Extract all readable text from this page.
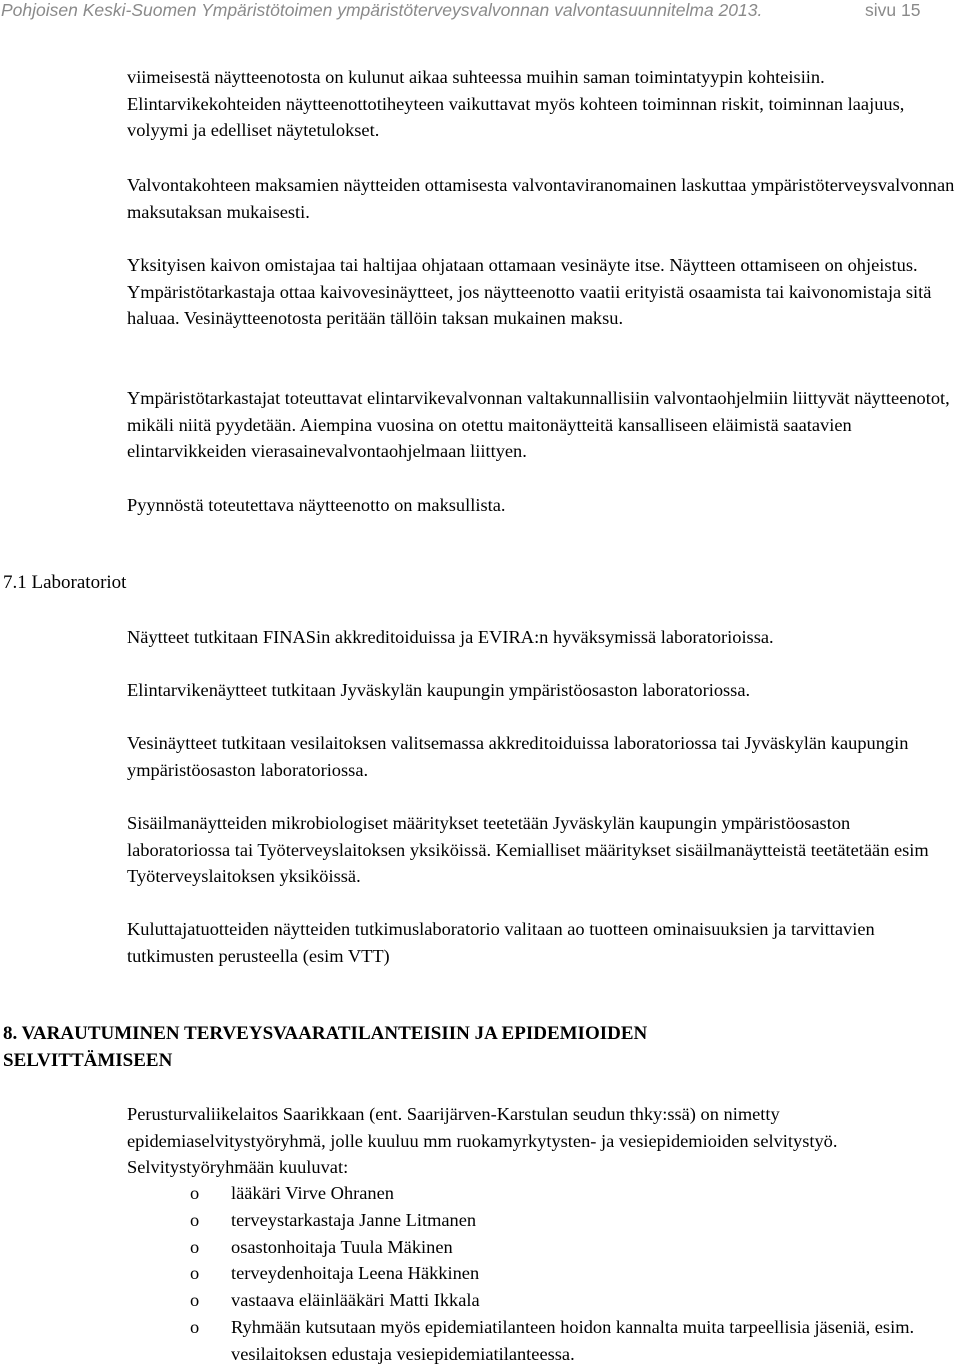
Pohjoisen Keski-Suomen Ympäristötoimen ympäristöterveysvalvonnan valvontasuunnitelma 2013.	sivu 15

viimeisestä näytteenotosta on kulunut aikaa suhteessa muihin saman toimintatyypin kohteisiin. Elintarvikekohteiden näytteenottotiheyteen vaikuttavat myös kohteen toiminnan riskit, toiminnan laajuus, volyymi ja edelliset näytetulokset.

Valvontakohteen maksamien näytteiden ottamisesta valvontaviranomainen laskuttaa ympäristöterveysvalvonnan maksutaksan mukaisesti.

Yksityisen kaivon omistajaa tai haltijaa ohjataan ottamaan vesinäyte itse. Näytteen ottamiseen on ohjeistus. Ympäristötarkastaja ottaa kaivovesinäytteet, jos näytteenotto vaatii erityistä osaamista tai kaivonomistaja sitä haluaa. Vesinäytteenotosta peritään tällöin taksan mukainen maksu.

Ympäristötarkastajat toteuttavat elintarvikevalvonnan valtakunnallisiin valvontaohjelmiin liittyvät näytteenotot, mikäli niitä pyydetään. Aiempina vuosina on otettu maitonäytteitä kansalliseen eläimistä saatavien elintarvikkeiden vierasainevalvontaohjelmaan liittyen.

Pyynnöstä toteutettava näytteenotto on maksullista.

7.1 Laboratoriot

Näytteet tutkitaan FINASin akkreditoiduissa ja EVIRA:n hyväksymissä laboratorioissa.

Elintarvikenäytteet tutkitaan Jyväskylän kaupungin ympäristöosaston laboratoriossa.

Vesinäytteet tutkitaan vesilaitoksen valitsemassa akkreditoiduissa laboratoriossa tai Jyväskylän kaupungin ympäristöosaston laboratoriossa.

Sisäilmanäytteiden mikrobiologiset määritykset teetetään Jyväskylän kaupungin ympäristöosaston laboratoriossa tai Työterveyslaitoksen yksiköissä. Kemialliset määritykset sisäilmanäytteistä teetätetään esim Työterveyslaitoksen yksiköissä.

Kuluttajatuotteiden näytteiden tutkimuslaboratorio valitaan ao tuotteen ominaisuuksien ja tarvittavien tutkimusten perusteella (esim VTT)

8. VARAUTUMINEN TERVEYSVAARATILANTEISIIN JA EPIDEMIOIDEN SELVITTÄMISEEN

Perusturvaliikelaitos Saarikkaan (ent. Saarijärven-Karstulan seudun thky:ssä) on nimetty epidemiaselvitystyöryhmä, jolle kuuluu mm ruokamyrkytysten- ja vesiepidemioiden selvitystyö. Selvitystyöryhmään kuuluvat:

o lääkäri Virve Ohranen
o terveystarkastaja Janne Litmanen
o osastonhoitaja Tuula Mäkinen
o terveydenhoitaja Leena Häkkinen
o vastaava eläinlääkäri Matti Ikkala
o Ryhmään kutsutaan myös epidemiatilanteen hoidon kannalta muita tarpeellisia jäseniä, esim. vesilaitoksen edustaja vesiepidemiatilanteessa.
